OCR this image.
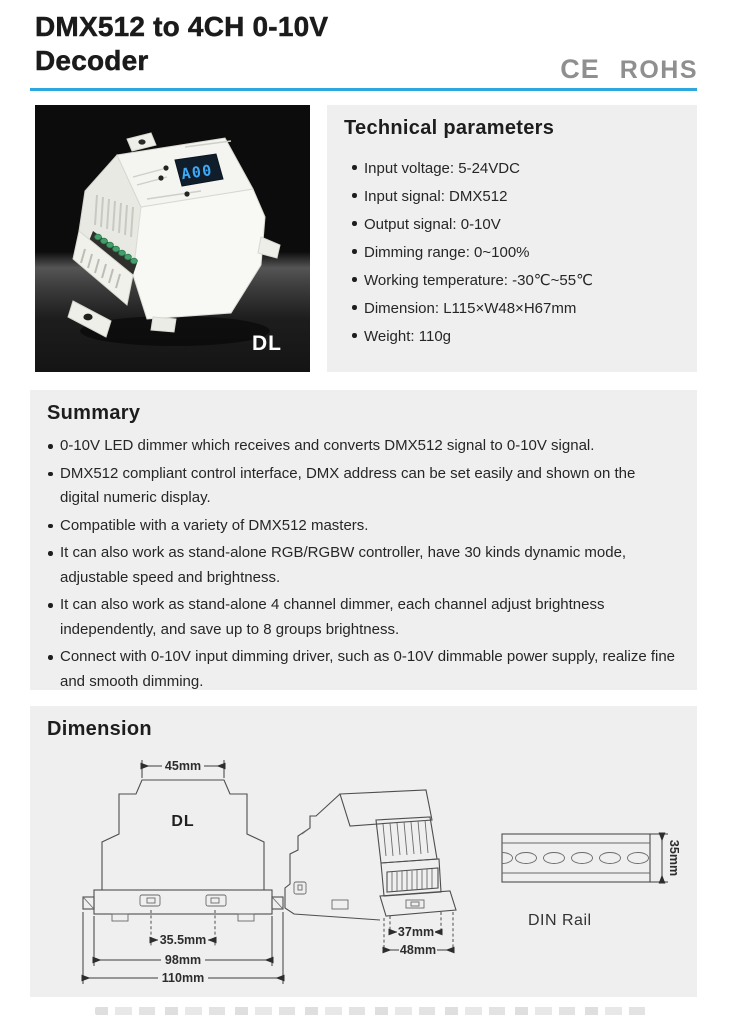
DMX512 to 4CH 0-10V
Decoder	CE ROHS
A00
DL
Technical parameters
Input voltage: 5-24VDC
Input signal: DMX512
Output signal: 0-10V
Dimming range: 0~100%
Working temperature: -30℃~55℃
Dimension: L115×W48×H67mm
Weight: 110g
Summary
0-10V LED dimmer which receives and converts DMX512 signal to 0-10V signal.
DMX512 compliant control interface, DMX address can be set easily and shown on the digital numeric display.
Compatible with a variety of DMX512 masters.
It can also work as stand-alone RGB/RGBW controller, have 30 kinds dynamic mode, adjustable speed and brightness.
It can also work as stand-alone 4 channel dimmer, each channel adjust brightness independently, and save up to 8 groups brightness.
Connect with 0-10V input dimming driver, such as 0-10V dimmable power supply, realize fine and smooth dimming.
Dimension
DL
45mm
35.5mm
98mm
110mm
37mm
48mm
35mm
DIN Rail
